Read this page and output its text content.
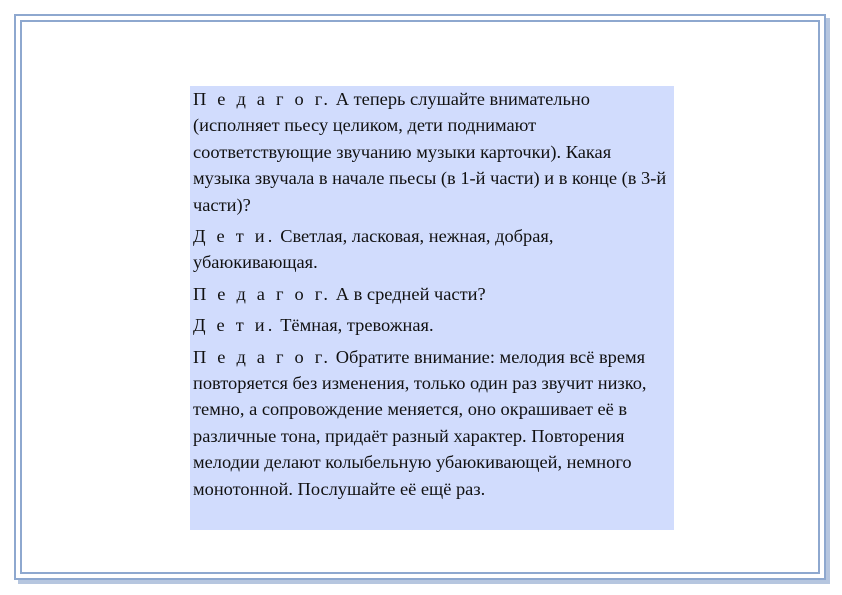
П е д а г о г. А теперь слушайте внимательно (исполняет пьесу целиком, дети поднимают соответствующие звучанию музыки карточки). Какая музыка звучала в начале пьесы (в 1-й части) и в конце (в 3-й части)?
Д е т и. Светлая, ласковая, нежная, добрая, убаюкивающая.
П е д а г о г. А в средней части?
Д е т и. Тёмная, тревожная.
П е д а г о г. Обратите внимание: мелодия всё время повторяется без изменения, только один раз звучит низко, темно, а сопровождение меняется, оно окрашивает её в различные тона, придаёт разный характер. Повторения мелодии делают колыбельную убаюкивающей, немного монотонной. Послушайте её ещё раз.
